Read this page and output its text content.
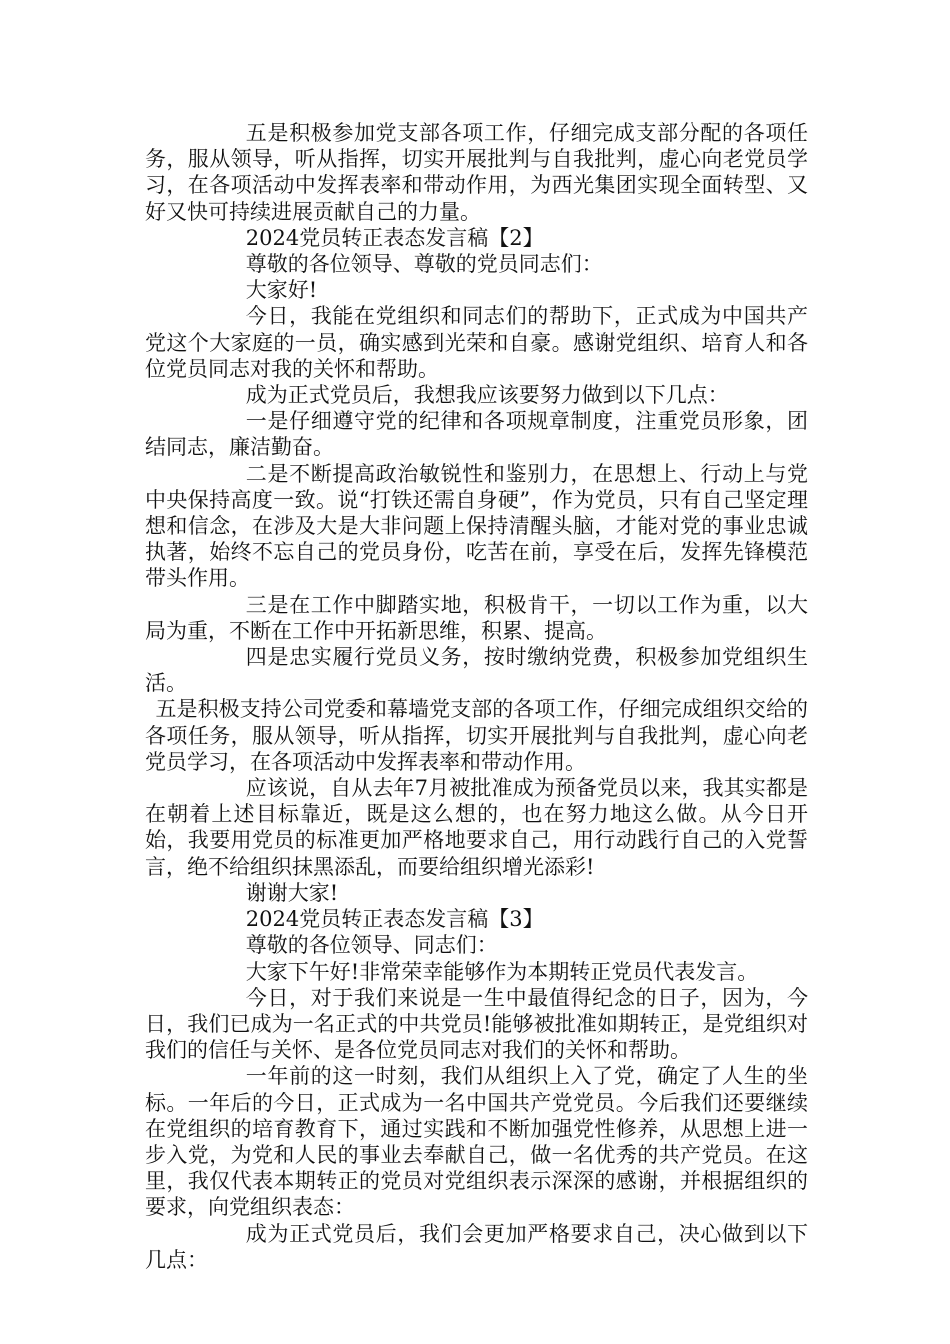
五是积极参加党支部各项工作，仔细完成支部分配的各项任务，服从领导，听从指挥，切实开展批判与自我批判，虚心向老党员学习，在各项活动中发挥表率和带动作用，为西光集团实现全面转型、又好又快可持续进展贡献自己的力量。

2024党员转正表态发言稿【2】

尊敬的各位领导、尊敬的党员同志们：

大家好!

今日，我能在党组织和同志们的帮助下，正式成为中国共产党这个大家庭的一员，确实感到光荣和自豪。感谢党组织、培育人和各位党员同志对我的关怀和帮助。

成为正式党员后，我想我应该要努力做到以下几点：

一是仔细遵守党的纪律和各项规章制度，注重党员形象，团结同志，廉洁勤奋。

二是不断提高政治敏锐性和鉴别力，在思想上、行动上与党中央保持高度一致。说“打铁还需自身硬”，作为党员，只有自己坚定理想和信念，在涉及大是大非问题上保持清醒头脑，才能对党的事业忠诚执著，始终不忘自己的党员身份，吃苦在前，享受在后，发挥先锋模范带头作用。

三是在工作中脚踏实地，积极肯干，一切以工作为重，以大局为重，不断在工作中开拓新思维，积累、提高。

四是忠实履行党员义务，按时缴纳党费，积极参加党组织生活。

五是积极支持公司党委和幕墙党支部的各项工作，仔细完成组织交给的各项任务，服从领导，听从指挥，切实开展批判与自我批判，虚心向老党员学习，在各项活动中发挥表率和带动作用。

应该说，自从去年7月被批准成为预备党员以来，我其实都是在朝着上述目标靠近，既是这么想的，也在努力地这么做。从今日开始，我要用党员的标准更加严格地要求自己，用行动践行自己的入党誓言，绝不给组织抹黑添乱，而要给组织增光添彩!

谢谢大家!

2024党员转正表态发言稿【3】

尊敬的各位领导、同志们：

大家下午好!非常荣幸能够作为本期转正党员代表发言。

今日，对于我们来说是一生中最值得纪念的日子，因为，今日，我们已成为一名正式的中共党员!能够被批准如期转正，是党组织对我们的信任与关怀、是各位党员同志对我们的关怀和帮助。

一年前的这一时刻，我们从组织上入了党，确定了人生的坐标。一年后的今日，正式成为一名中国共产党党员。今后我们还要继续在党组织的培育教育下，通过实践和不断加强党性修养，从思想上进一步入党，为党和人民的事业去奉献自己，做一名优秀的共产党员。在这里，我仅代表本期转正的党员对党组织表示深深的感谢，并根据组织的要求，向党组织表态：

成为正式党员后，我们会更加严格要求自己，决心做到以下几点：
